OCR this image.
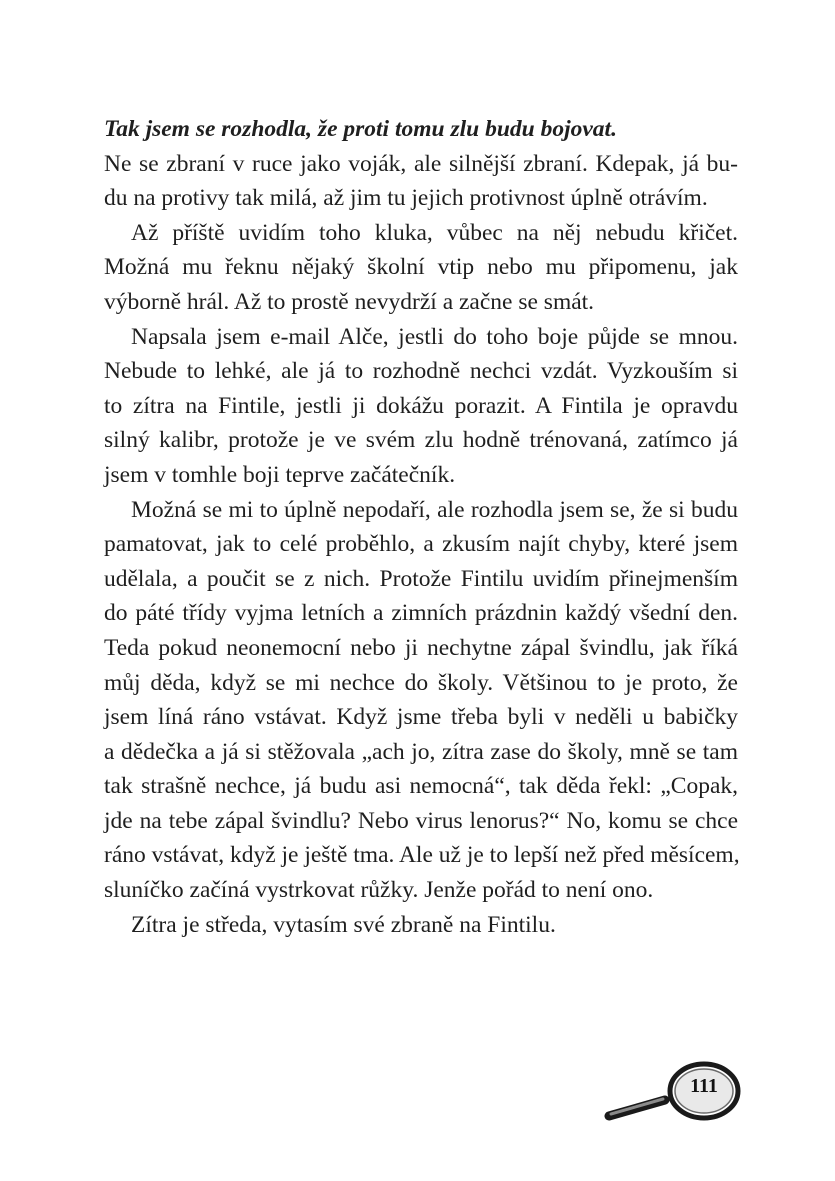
Tak jsem se rozhodla, že proti tomu zlu budu bojovat.
Ne se zbraní v ruce jako voják, ale silnější zbraní. Kdepak, já bu-
du na protivy tak milá, až jim tu jejich protivnost úplně otrávím.
Až příště uvidím toho kluka, vůbec na něj nebudu křičet.
Možná mu řeknu nějaký školní vtip nebo mu připomenu, jak
výborně hrál. Až to prostě nevydrží a začne se smát.
Napsala jsem e-mail Alče, jestli do toho boje půjde se mnou.
Nebude to lehké, ale já to rozhodně nechci vzdát. Vyzkouším si
to zítra na Fintile, jestli ji dokážu porazit. A Fintila je opravdu
silný kalibr, protože je ve svém zlu hodně trénovaná, zatímco já
jsem v tomhle boji teprve začátečník.
Možná se mi to úplně nepodaří, ale rozhodla jsem se, že si budu
pamatovat, jak to celé proběhlo, a zkusím najít chyby, které jsem
udělala, a poučit se z nich. Protože Fintilu uvidím přinejmenším
do páté třídy vyjma letních a zimních prázdnin každý všední den.
Teda pokud neonemocní nebo ji nechytne zápal švindlu, jak říká
můj děda, když se mi nechce do školy. Většinou to je proto, že
jsem líná ráno vstávat. Když jsme třeba byli v neděli u babičky
a dědečka a já si stěžovala „ach jo, zítra zase do školy, mně se tam
tak strašně nechce, já budu asi nemocná“, tak děda řekl: „Copak,
jde na tebe zápal švindlu? Nebo virus lenorus?“ No, komu se chce
ráno vstávat, když je ještě tma. Ale už je to lepší než před měsícem,
sluníčko začíná vystrkovat růžky. Jenže pořád to není ono.
Zítra je středa, vytasím své zbraně na Fintilu.
111
